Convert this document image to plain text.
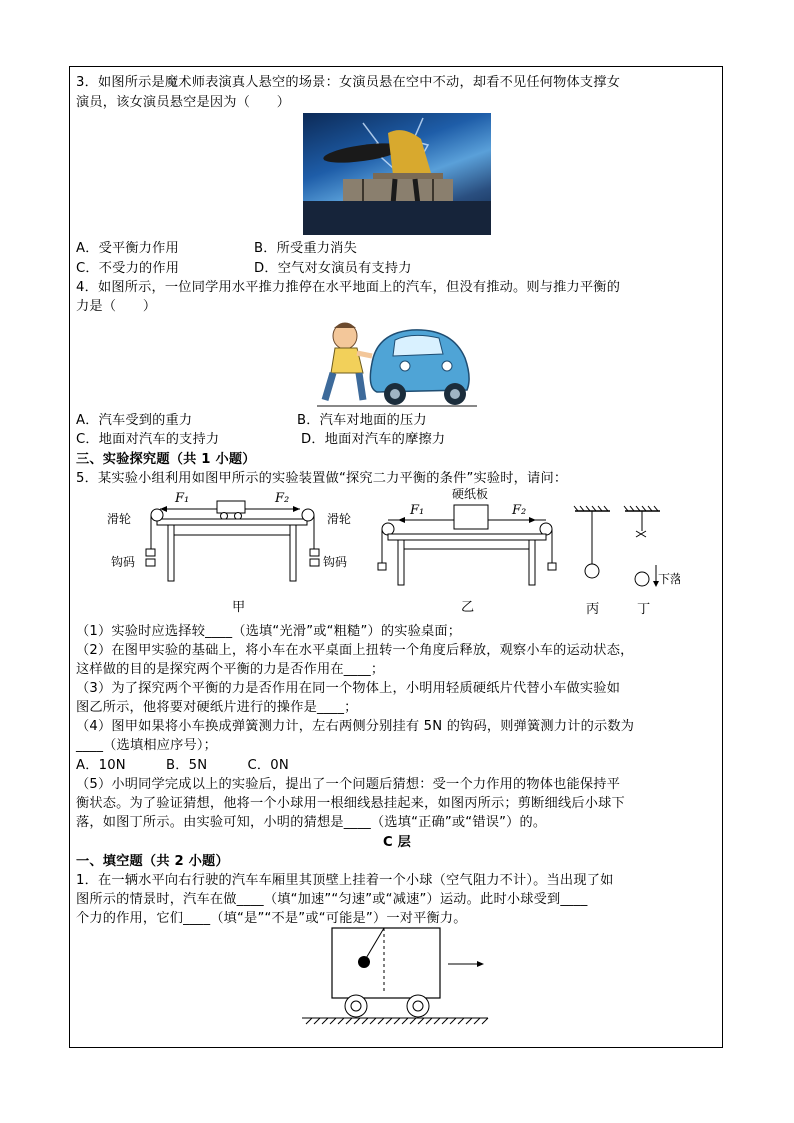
3．如图所示是魔术师表演真人悬空的场景：女演员悬在空中不动，却看不见任何物体支撑女
演员，该女演员悬空是因为（　　）
A．受平衡力作用	B．所受重力消失
C．不受力的作用	D．空气对女演员有支持力
4．如图所示，一位同学用水平推力推停在水平地面上的汽车，但没有推动。则与推力平衡的
力是（　　）
A．汽车受到的重力	B．汽车对地面的压力
C．地面对汽车的支持力	D．地面对汽车的摩擦力
三、实验探究题（共 1 小题）
5．某实验小组利用如图甲所示的实验装置做“探究二力平衡的条件”实验时，请问：
F₁	F₂
滑轮	滑轮
钩码	钩码
硬纸板
F₁	F₂
下落
甲	乙	丙	丁
（1）实验时应选择较____（选填“光滑”或“粗糙”）的实验桌面；
（2）在图甲实验的基础上，将小车在水平桌面上扭转一个角度后释放，观察小车的运动状态，
这样做的目的是探究两个平衡的力是否作用在____；
（3）为了探究两个平衡的力是否作用在同一个物体上，小明用轻质硬纸片代替小车做实验如
图乙所示，他将要对硬纸片进行的操作是____；
（4）图甲如果将小车换成弹簧测力计，左右两侧分别挂有 5N 的钩码，则弹簧测力计的示数为
____（选填相应序号）；
A．10N　　　B．5N　　　C．0N
（5）小明同学完成以上的实验后，提出了一个问题后猜想：受一个力作用的物体也能保持平
衡状态。为了验证猜想，他将一个小球用一根细线悬挂起来，如图丙所示；剪断细线后小球下
落，如图丁所示。由实验可知，小明的猜想是____（选填“正确”或“错误”）的。
C 层
一、填空题（共 2 小题）
1．在一辆水平向右行驶的汽车车厢里其顶壁上挂着一个小球（空气阻力不计）。当出现了如
图所示的情景时，汽车在做____（填“加速”“匀速”或“减速”）运动。此时小球受到____
个力的作用，它们____（填“是”“不是”或“可能是”）一对平衡力。
